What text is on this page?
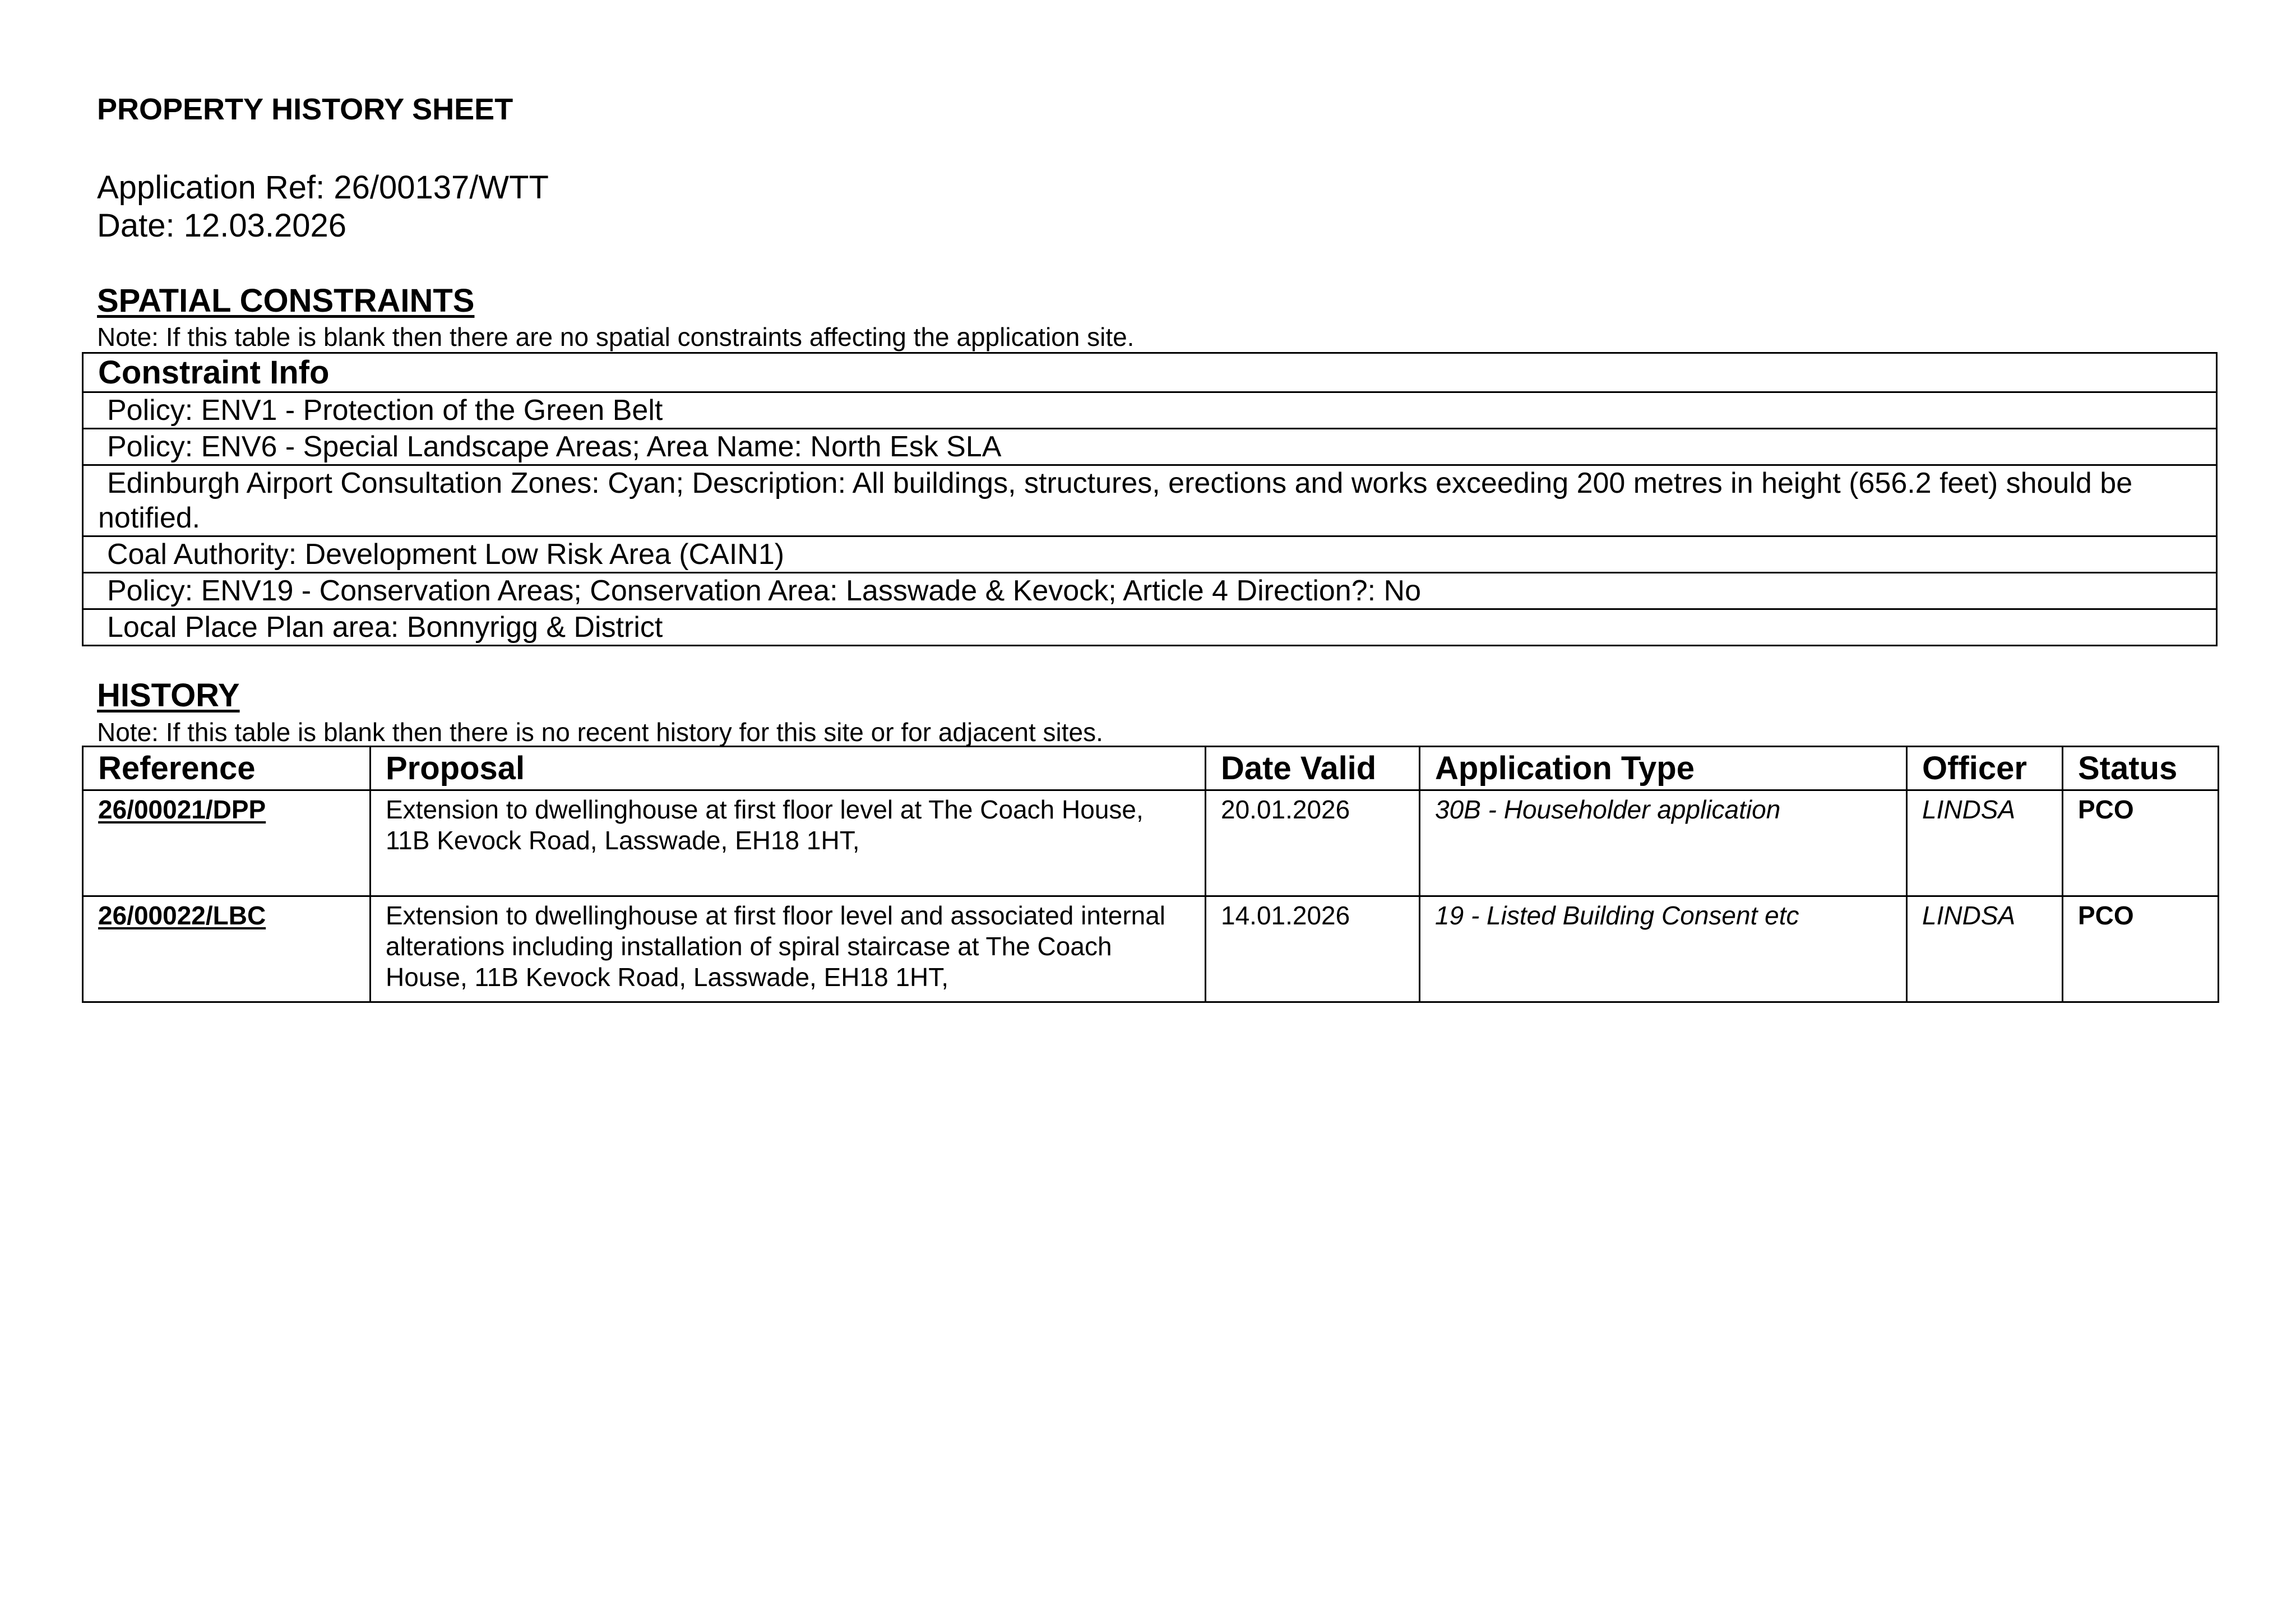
PROPERTY HISTORY SHEET
Application Ref: 26/00137/WTT
Date: 12.03.2026
SPATIAL CONSTRAINTS
Note: If this table is blank then there are no spatial constraints affecting the application site.
Constraint Info
Policy: ENV1 - Protection of the Green Belt
Policy: ENV6 - Special Landscape Areas; Area Name: North Esk SLA
Edinburgh Airport Consultation Zones: Cyan; Description: All buildings, structures, erections and works exceeding 200 metres in height (656.2 feet) should be notified.
Coal Authority: Development Low Risk Area (CAIN1)
Policy: ENV19 - Conservation Areas; Conservation Area: Lasswade & Kevock; Article 4 Direction?: No
Local Place Plan area: Bonnyrigg & District
HISTORY
Note: If this table is blank then there is no recent history for this site or for adjacent sites.
Reference	Proposal	Date Valid	Application Type	Officer	Status
26/00021/DPP	Extension to dwellinghouse at first floor level at The Coach House, 11B Kevock Road, Lasswade, EH18 1HT,	20.01.2026	30B - Householder application	LINDSA	PCO
26/00022/LBC	Extension to dwellinghouse at first floor level and associated internal alterations including installation of spiral staircase at The Coach House, 11B Kevock Road, Lasswade, EH18 1HT,	14.01.2026	19 - Listed Building Consent etc	LINDSA	PCO
